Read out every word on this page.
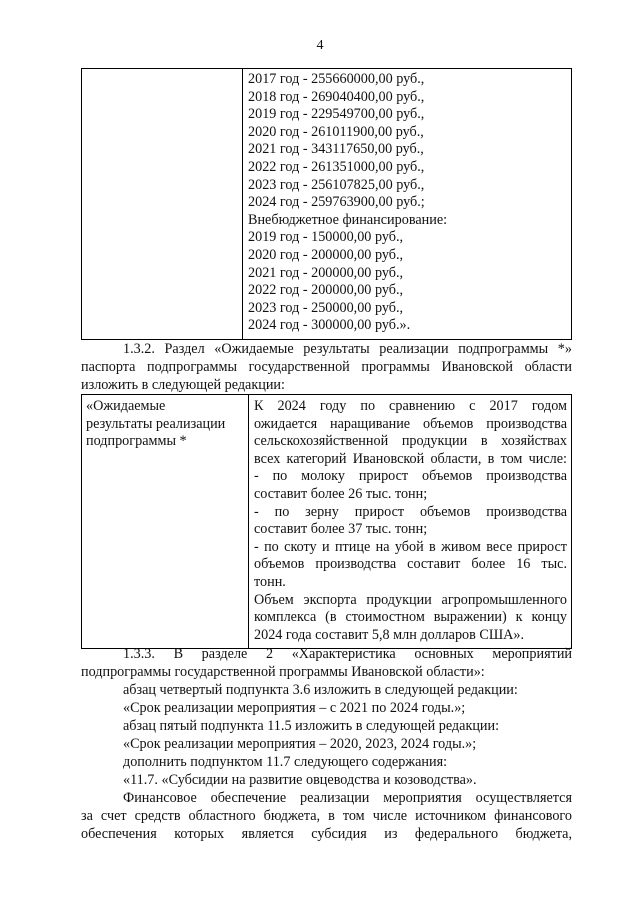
4

2017 год - 255660000,00 руб.,
2018 год - 269040400,00 руб.,
2019 год - 229549700,00 руб.,
2020 год - 261011900,00 руб.,
2021 год - 343117650,00 руб.,
2022 год - 261351000,00 руб.,
2023 год - 256107825,00 руб.,
2024 год - 259763900,00 руб.;
Внебюджетное финансирование:
2019 год - 150000,00 руб.,
2020 год - 200000,00 руб.,
2021 год - 200000,00 руб.,
2022 год - 200000,00 руб.,
2023 год - 250000,00 руб.,
2024 год - 300000,00 руб.».
1.3.2. Раздел «Ожидаемые результаты реализации подпрограммы *»
паспорта подпрограммы государственной программы Ивановской области
изложить в следующей редакции:
«Ожидаемые
результаты реализации
подпрограммы *

К 2024 году по сравнению с 2017 годом
ожидается наращивание объемов производства
сельскохозяйственной продукции в хозяйствах
всех категорий Ивановской области, в том числе:
- по молоку прирост объемов производства
составит более 26 тыс. тонн;
- по зерну прирост объемов производства
составит более 37 тыс. тонн;
- по скоту и птице на убой в живом весе прирост
объемов производства составит более 16 тыс.
тонн.
Объем экспорта продукции агропромышленного
комплекса (в стоимостном выражении) к концу
2024 года составит 5,8 млн долларов США».
1.3.3. В разделе 2 «Характеристика основных мероприятий
подпрограммы государственной программы Ивановской области»:
абзац четвертый подпункта 3.6 изложить в следующей редакции:
«Срок реализации мероприятия – с 2021 по 2024 годы.»;
абзац пятый подпункта 11.5 изложить в следующей редакции:
«Срок реализации мероприятия – 2020, 2023, 2024 годы.»;
дополнить подпунктом 11.7 следующего содержания:
«11.7. «Субсидии на развитие овцеводства и козоводства».
Финансовое обеспечение реализации мероприятия осуществляется
за счет средств областного бюджета, в том числе источником финансового
обеспечения которых является субсидия из федерального бюджета,
